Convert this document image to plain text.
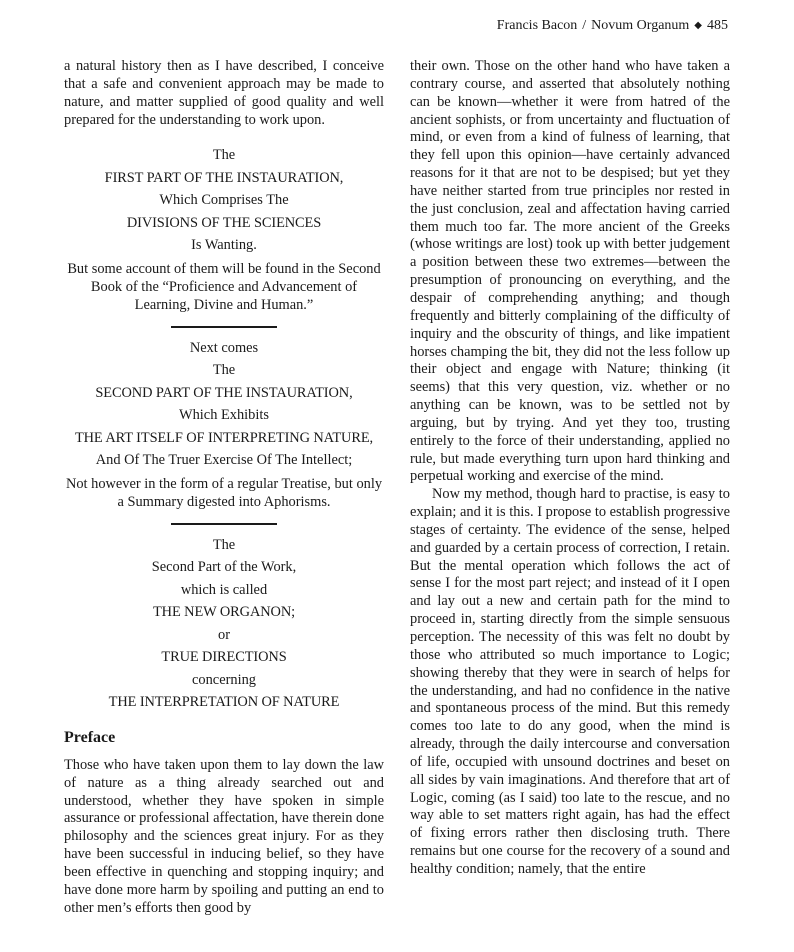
Francis Bacon / Novum Organum ◆ 485

a natural history then as I have described, I conceive that a safe and convenient approach may be made to nature, and matter supplied of good quality and well prepared for the understanding to work upon.

The
FIRST PART OF THE INSTAURATION,
Which Comprises The
DIVISIONS OF THE SCIENCES
Is Wanting.
But some account of them will be found in the Second Book of the “Proficience and Advancement of Learning, Divine and Human.”
Next comes
The
SECOND PART OF THE INSTAURATION,
Which Exhibits
THE ART ITSELF OF INTERPRETING NATURE,
And Of The Truer Exercise Of The Intellect;
Not however in the form of a regular Treatise, but only a Summary digested into Aphorisms.
The
Second Part of the Work,
which is called
THE NEW ORGANON;
or
TRUE DIRECTIONS
concerning
THE INTERPRETATION OF NATURE
Preface

Those who have taken upon them to lay down the law of nature as a thing already searched out and understood, whether they have spoken in simple assurance or professional affectation, have therein done philosophy and the sciences great injury. For as they have been successful in inducing belief, so they have been effective in quenching and stopping inquiry; and have done more harm by spoiling and putting an end to other men’s efforts then good by

their own. Those on the other hand who have taken a contrary course, and asserted that absolutely nothing can be known—whether it were from hatred of the ancient sophists, or from uncertainty and fluctuation of mind, or even from a kind of fulness of learning, that they fell upon this opinion—have certainly advanced reasons for it that are not to be despised; but yet they have neither started from true principles nor rested in the just conclusion, zeal and affectation having carried them much too far. The more ancient of the Greeks (whose writings are lost) took up with better judgement a position between these two extremes—between the presumption of pronouncing on everything, and the despair of comprehending anything; and though frequently and bitterly complaining of the difficulty of inquiry and the obscurity of things, and like impatient horses champing the bit, they did not the less follow up their object and engage with Nature; thinking (it seems) that this very question, viz. whether or no anything can be known, was to be settled not by arguing, but by trying. And yet they too, trusting entirely to the force of their understanding, applied no rule, but made everything turn upon hard thinking and perpetual working and exercise of the mind.

Now my method, though hard to practise, is easy to explain; and it is this. I propose to establish progressive stages of certainty. The evidence of the sense, helped and guarded by a certain process of correction, I retain. But the mental operation which follows the act of sense I for the most part reject; and instead of it I open and lay out a new and certain path for the mind to proceed in, starting directly from the simple sensuous perception. The necessity of this was felt no doubt by those who attributed so much importance to Logic; showing thereby that they were in search of helps for the understanding, and had no confidence in the native and spontaneous process of the mind. But this remedy comes too late to do any good, when the mind is already, through the daily intercourse and conversation of life, occupied with unsound doctrines and beset on all sides by vain imaginations. And therefore that art of Logic, coming (as I said) too late to the rescue, and no way able to set matters right again, has had the effect of fixing errors rather then disclosing truth. There remains but one course for the recovery of a sound and healthy condition; namely, that the entire
